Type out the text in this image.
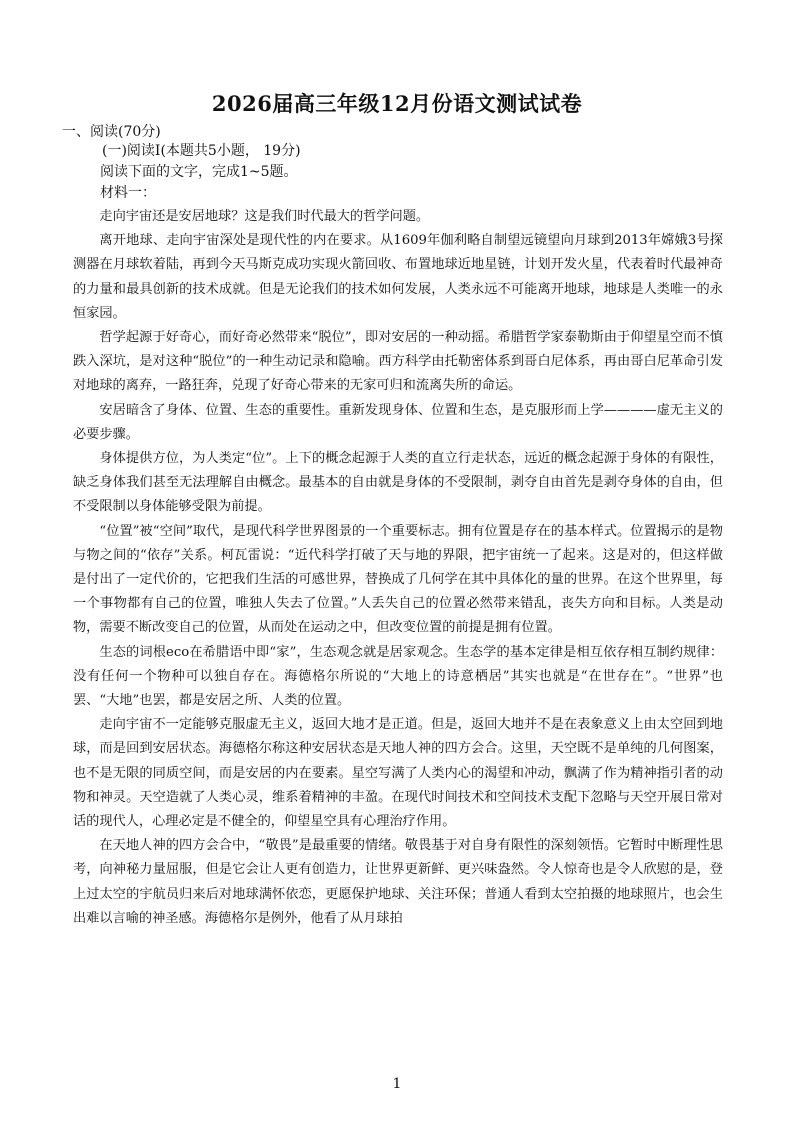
2026届高三年级12月份语文测试试卷
一、阅读(70分)
(一)阅读Ⅰ(本题共5小题， 19分)
阅读下面的文字，完成1~5题。
材料一：

走向宇宙还是安居地球？这是我们时代最大的哲学问题。

离开地球、走向宇宙深处是现代性的内在要求。从1609年伽利略自制望远镜望向月球到2013年嫦娥3号探测器在月球软着陆，再到今天马斯克成功实现火箭回收、布置地球近地星链，计划开发火星，代表着时代最神奇的力量和最具创新的技术成就。但是无论我们的技术如何发展，人类永远不可能离开地球，地球是人类唯一的永恒家园。

哲学起源于好奇心，而好奇必然带来“脱位”，即对安居的一种动摇。希腊哲学家泰勒斯由于仰望星空而不慎跌入深坑，是对这种“脱位”的一种生动记录和隐喻。西方科学由托勒密体系到哥白尼体系，再由哥白尼革命引发对地球的离弃，一路狂奔，兑现了好奇心带来的无家可归和流离失所的命运。

安居暗含了身体、位置、生态的重要性。重新发现身体、位置和生态，是克服形而上学————虚无主义的必要步骤。

身体提供方位，为人类定“位”。上下的概念起源于人类的直立行走状态，远近的概念起源于身体的有限性，缺乏身体我们甚至无法理解自由概念。最基本的自由就是身体的不受限制，剥夺自由首先是剥夺身体的自由，但不受限制以身体能够受限为前提。

“位置”被“空间”取代，是现代科学世界图景的一个重要标志。拥有位置是存在的基本样式。位置揭示的是物与物之间的“依存”关系。柯瓦雷说：“近代科学打破了天与地的界限，把宇宙统一了起来。这是对的，但这样做是付出了一定代价的，它把我们生活的可感世界，替换成了几何学在其中具体化的量的世界。在这个世界里，每一个事物都有自己的位置，唯独人失去了位置。”人丢失自己的位置必然带来错乱，丧失方向和目标。人类是动物，需要不断改变自己的位置，从而处在运动之中，但改变位置的前提是拥有位置。

生态的词根eco在希腊语中即“家”，生态观念就是居家观念。生态学的基本定律是相互依存相互制约规律：没有任何一个物种可以独自存在。海德格尔所说的“大地上的诗意栖居”其实也就是“在世存在”。“世界”也罢、“大地”也罢，都是安居之所、人类的位置。

走向宇宙不一定能够克服虚无主义，返回大地才是正道。但是，返回大地并不是在表象意义上由太空回到地球，而是回到安居状态。海德格尔称这种安居状态是天地人神的四方会合。这里，天空既不是单纯的几何图案，也不是无限的同质空间，而是安居的内在要素。星空写满了人类内心的渴望和冲动，飘满了作为精神指引者的动物和神灵。天空造就了人类心灵，维系着精神的丰盈。在现代时间技术和空间技术支配下忽略与天空开展日常对话的现代人，心理必定是不健全的，仰望星空具有心理治疗作用。

在天地人神的四方会合中，“敬畏”是最重要的情绪。敬畏基于对自身有限性的深刻领悟。它暂时中断理性思考，向神秘力量屈服，但是它会让人更有创造力，让世界更新鲜、更兴味盎然。令人惊奇也是令人欣慰的是，登上过太空的宇航员归来后对地球满怀依恋，更愿保护地球、关注环保；普通人看到太空拍摄的地球照片，也会生出难以言喻的神圣感。海德格尔是例外，他看了从月球拍

1
